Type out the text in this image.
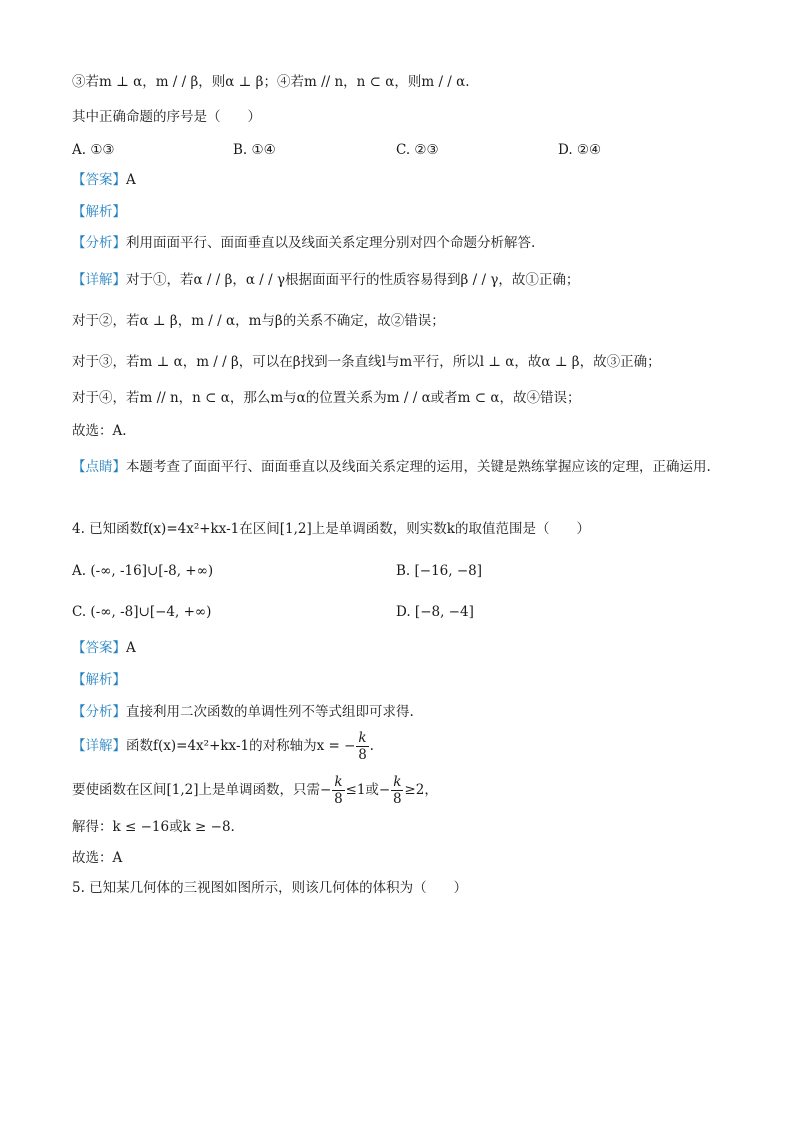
③若m ⊥ α，m / / β，则α ⊥ β；④若m // n，n ⊂ α，则m / / α.
其中正确命题的序号是（　　）
A. ①③	B. ①④	C. ②③	D. ②④
【答案】A
【解析】
【分析】利用面面平行、面面垂直以及线面关系定理分别对四个命题分析解答.
【详解】对于①，若α / / β，α / / γ根据面面平行的性质容易得到β / / γ，故①正确；
对于②，若α ⊥ β，m / / α，m与β的关系不确定，故②错误；
对于③，若m ⊥ α，m / / β，可以在β找到一条直线l与m平行，所以l ⊥ α，故α ⊥ β，故③正确；
对于④，若m // n，n ⊂ α，那么m与α的位置关系为m / / α或者m ⊂ α，故④错误；
故选：A.
【点睛】本题考查了面面平行、面面垂直以及线面关系定理的运用，关键是熟练掌握应该的定理，正确运用.
4. 已知函数f(x)=4x²+kx-1在区间[1,2]上是单调函数，则实数k的取值范围是（　　）
A. (-∞, -16]∪[-8, +∞)	B. [−16, −8]
C. (-∞, -8]∪[−4, +∞)	D. [−8, −4]
【答案】A
【解析】
【分析】直接利用二次函数的单调性列不等式组即可求得.
【详解】函数f(x)=4x²+kx-1的对称轴为x = − $\frac{k}{8}$ .
要使函数在区间[1,2]上是单调函数，只需− $\frac{k}{8} \le 1$或− $\frac{k}{8} \ge 2$，
解得：k ≤ −16或k ≥ −8.
故选：A
5. 已知某几何体的三视图如图所示，则该几何体的体积为（　　）
